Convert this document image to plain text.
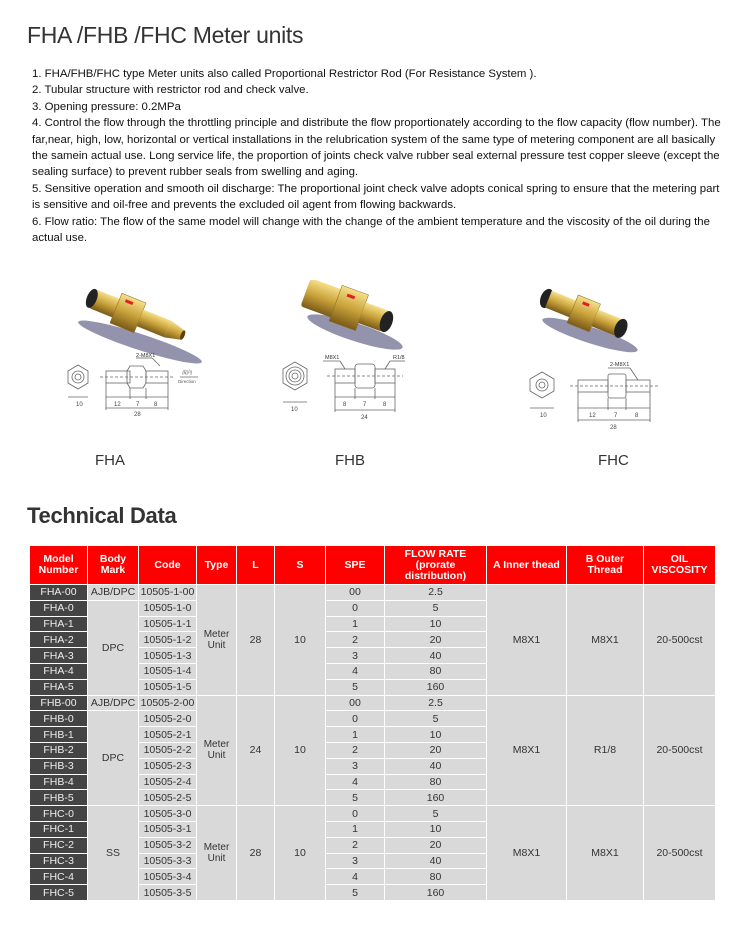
FHA /FHB /FHC Meter units
1. FHA/FHB/FHC type Meter units also called Proportional Restrictor Rod (For Resistance System ).
2. Tubular structure with restrictor rod and check valve.
3. Opening pressure: 0.2MPa
4. Control the flow through the throttling principle and distribute the flow proportionately according to the flow capacity (flow number). The far,near, high, low, horizontal or vertical installations in the relubrication system of the same type of metering component are all basically the samein actual use. Long service life, the proportion of joints check valve rubber seal external pressure test copper sleeve (except the sealing surface) to prevent rubber seals from swelling and aging.
5. Sensitive operation and smooth oil discharge: The proportional joint check valve adopts conical spring to ensure that the metering part is sensitive and oil-free and prevents the excluded oil agent from flowing backwards.
6. Flow ratio: The flow of the same model will change with the change of the ambient temperature and the viscosity of the oil during the actual use.
10	12	7 8
28
2-M8X1
流向
Direction
FHA
10
8	7	8
24
M8X1	R1/8
FHB
10	12	7	8
28
2-M8X1
FHC
Technical Data
Model Number	Body Mark	Code	Type	L	S	SPE	FLOW RATE (prorate distribution)	A Inner thead	B Outer Thread	OIL VISCOSITY
FHA-00	AJB/DPC	10505-1-00	Meter Unit	28	10	00	2.5	M8X1	M8X1	20-500cst
FHA-0	DPC	10505-1-0				0	5			
FHA-1		10505-1-1				1	10			
FHA-2		10505-1-2				2	20			
FHA-3		10505-1-3				3	40			
FHA-4		10505-1-4				4	80			
FHA-5		10505-1-5				5	160			
FHB-00	AJB/DPC	10505-2-00	Meter Unit	24	10	00	2.5	M8X1	R1/8	20-500cst
FHB-0	DPC	10505-2-0				0	5			
FHB-1		10505-2-1				1	10			
FHB-2		10505-2-2				2	20			
FHB-3		10505-2-3				3	40			
FHB-4		10505-2-4				4	80			
FHB-5		10505-2-5				5	160			
FHC-0	SS	10505-3-0	Meter Unit	28	10	0	5	M8X1	M8X1	20-500cst
FHC-1		10505-3-1				1	10			
FHC-2		10505-3-2				2	20			
FHC-3		10505-3-3				3	40			
FHC-4		10505-3-4				4	80			
FHC-5		10505-3-5				5	160			
